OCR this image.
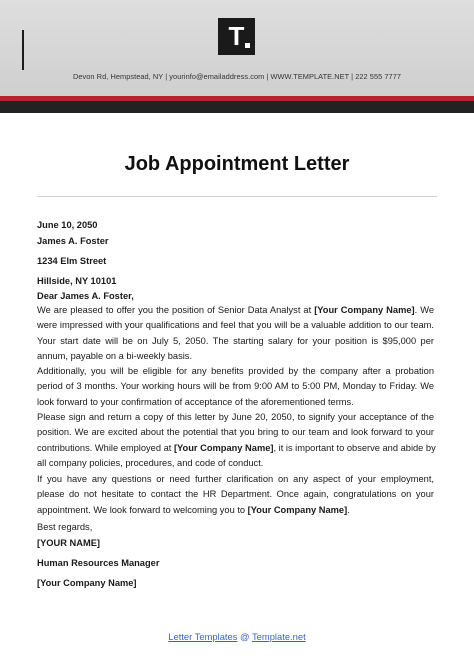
T
Devon Rd, Hempstead, NY | yourinfo@emailaddress.com | WWW.TEMPLATE.NET | 222 555 7777
Job Appointment Letter
June 10, 2050
James A. Foster
1234 Elm Street
Hillside, NY 10101
Dear James A. Foster,
We are pleased to offer you the position of Senior Data Analyst at [Your Company Name]. We
were impressed with your qualifications and feel that you will be a valuable addition to our team.
Your start date will be on July 5, 2050. The starting salary for your position is $95,000 per
annum, payable on a bi-weekly basis.
Additionally, you will be eligible for any benefits provided by the company after a probation
period of 3 months. Your working hours will be from 9:00 AM to 5:00 PM, Monday to Friday. We
look forward to your confirmation of acceptance of the aforementioned terms.
Please sign and return a copy of this letter by June 20, 2050, to signify your acceptance of the
position. We are excited about the potential that you bring to our team and look forward to your
contributions. While employed at [Your Company Name], it is important to observe and abide by
all company policies, procedures, and code of conduct.
If you have any questions or need further clarification on any aspect of your employment,
please do not hesitate to contact the HR Department. Once again, congratulations on your
appointment. We look forward to welcoming you to [Your Company Name].
Best regards,
[YOUR NAME]
Human Resources Manager
[Your Company Name]
Letter Templates @ Template.net
